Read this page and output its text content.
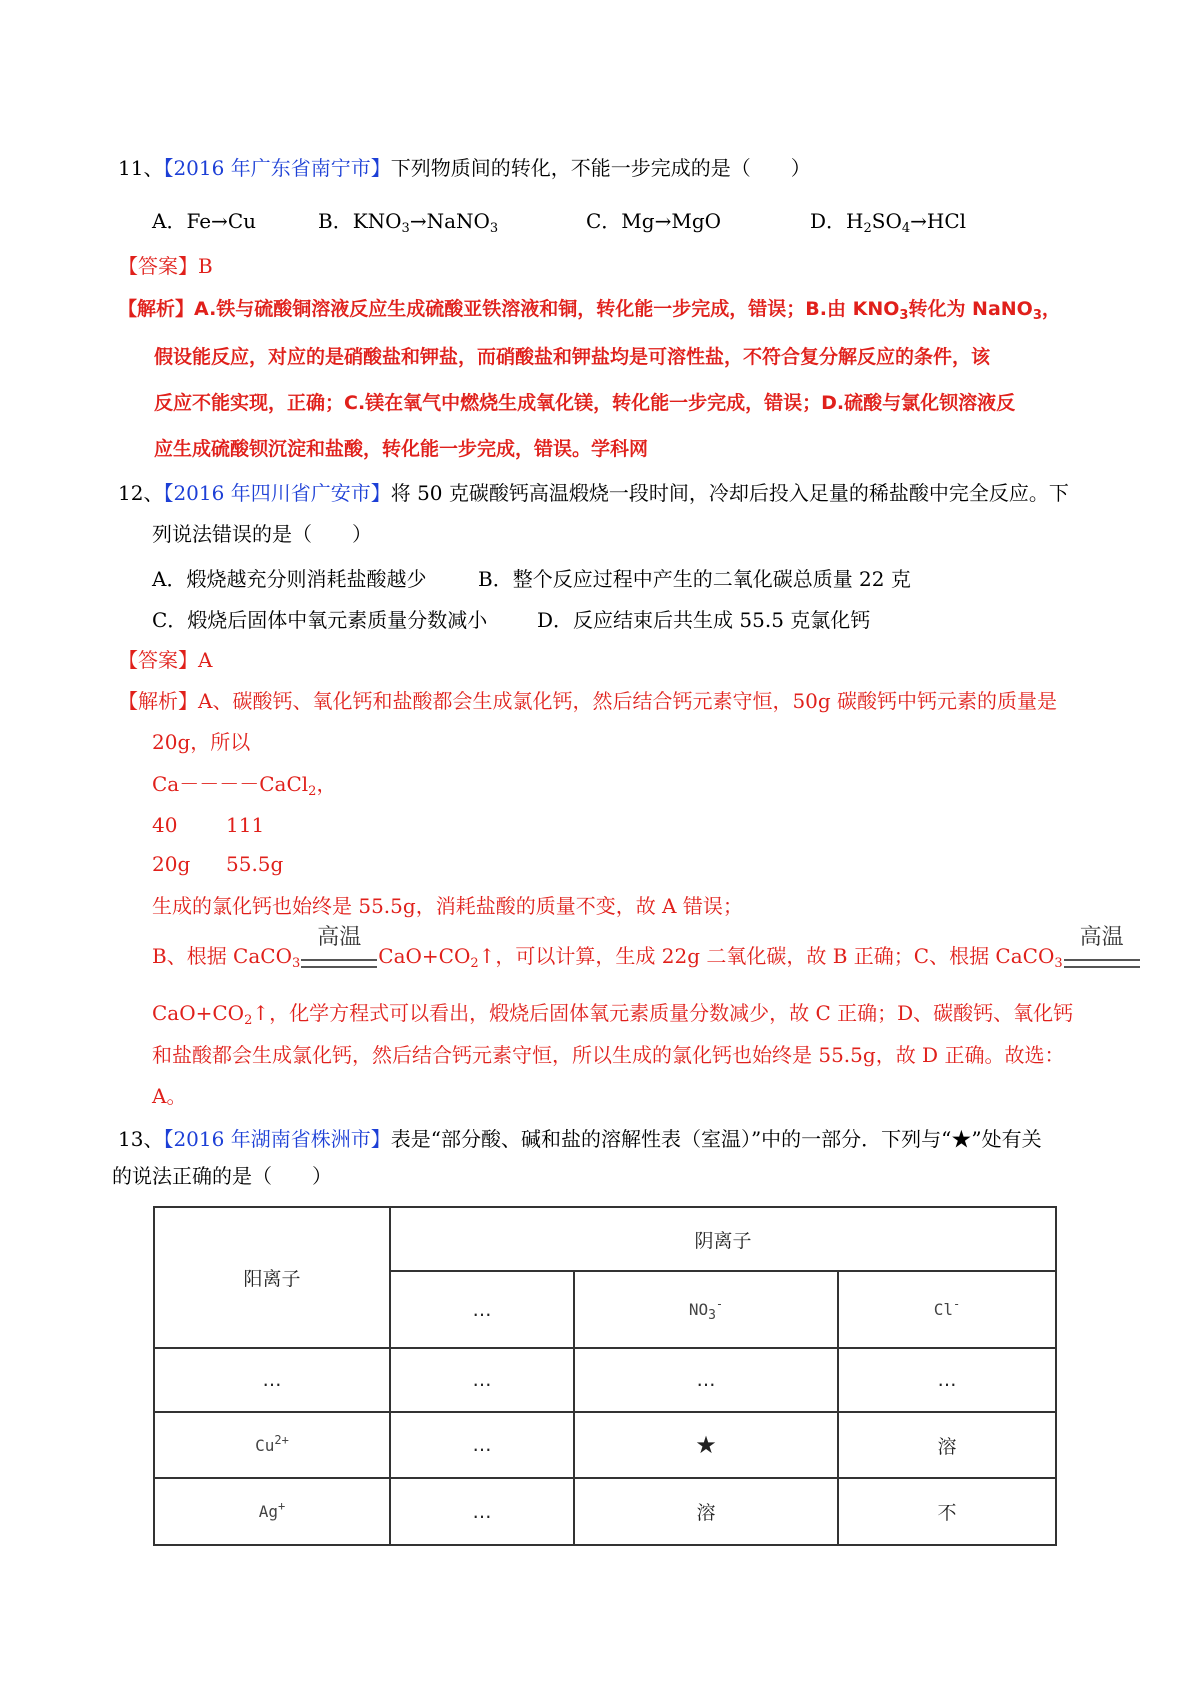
11、【2016 年广东省南宁市】下列物质间的转化，不能一步完成的是（　　）
A．Fe→Cu	B．$KNO_3\to NaNO_3$	C．Mg→MgO	D．$H_2SO_4\to HCl$
【答案】B
【解析】A.铁与硫酸铜溶液反应生成硫酸亚铁溶液和铜，转化能一步完成，错误；B.由 $KNO_3$转化为 NaNO$_3$，
假设能反应，对应的是硝酸盐和钾盐，而硝酸盐和钾盐均是可溶性盐，不符合复分解反应的条件，该
反应不能实现，正确；C.镁在氧气中燃烧生成氧化镁，转化能一步完成，错误；D.硫酸与氯化钡溶液反
应生成硫酸钡沉淀和盐酸，转化能一步完成，错误。学科网
12、【2016 年四川省广安市】将 50 克碳酸钙高温煅烧一段时间，冷却后投入足量的稀盐酸中完全反应。下
列说法错误的是（　　）
A．煅烧越充分则消耗盐酸越少	B．整个反应过程中产生的二氧化碳总质量 22 克
C．煅烧后固体中氧元素质量分数减小 D．反应结束后共生成 55.5 克氯化钙
【答案】A
【解析】A、碳酸钙、氧化钙和盐酸都会生成氯化钙，然后结合钙元素守恒，50g 碳酸钙中钙元素的质量是
20g，所以
Ca－－－－CaCl$_2$，
40 111
20g 55.5g
生成的氯化钙也始终是 55.5g，消耗盐酸的质量不变，故 A 错误；
B、根据 CaCO$_3$
高温
$CaO+CO_2↑$，可以计算，生成 22g 二氧化碳，故 B 正确；C、根据 CaCO$_3$
高温
$CaO+CO_2↑$，化学方程式可以看出，煅烧后固体氧元素质量分数减少，故 C 正确；D、碳酸钙、氧化钙
和盐酸都会生成氯化钙，然后结合钙元素守恒，所以生成的氯化钙也始终是 55.5g，故 D 正确。故选：
A。
13、【2016 年湖南省株洲市】表是“部分酸、碱和盐的溶解性表（室温）”中的一部分．下列与“★”处有关
的说法正确的是（　　）
阳离子	阴离子		
	…	$NO_3^-$	Cl-
…	…	…	…
$Cu^{2+}$	…	★	溶
Ag+	…	溶	不
